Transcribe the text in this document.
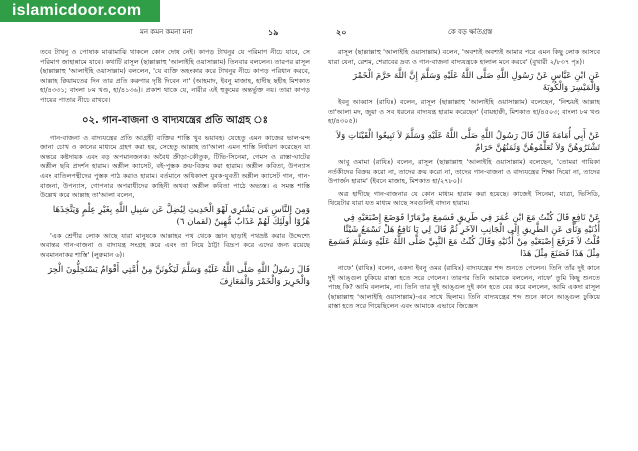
islamicdoor.com
মন কমন কমনা মনা	১৯

তবে টাখনু ও পোষাক মাঝামাঝি থাকলে কোন দোষ নেই। কাপড় টাখনুর যে পরিমাণ নীচে যাবে, সে পরিমাণ জাহান্নামে যাবে। কথাটি রাসূল (ছাল্লাল্লাহু 'আলাইহি ওয়াসাল্লাম) তিনবার বললেন। তারপর রাসূল (ছাল্লাল্লাহু 'আলাইহি ওয়াসাল্লাম) বললেন, 'যে ব্যক্তি অহংকার করে টাখনুর নীচে কাপড় পরিধান করবে, আল্লাহ ক্বিয়ামতের দিন তার প্রতি করুণার দৃষ্টি দিবেন না' (আহমাদ, ইবনু মাজাহ, হাদীছ ছহীহ মিশকাত হা/৪৩৩১; বাংলা ৮ম খণ্ড, হা/৪১৩৬)। প্রকাশ থাকে যে, নারীর এই হুকুমের অন্তর্ভুক্ত নয়। তারা কাপড় পায়ের পাতার নীচে রাখবে।

০২. গান-বাজনা ও বাদ্যযন্ত্রের প্রতি আগ্রহ ঃ

গান-বাজনা ও বাদ্যযন্ত্রের প্রতি আগ্রহী ব্যক্তির শাস্তি খুব ভয়াবহ। যেহেতু এমন কাজের ভাল-মন্দ জানা চোখ ও কানের মাধ্যমে গ্রহণ করা হয়, সেহেতু আল্লাহ তা'আলা এমন শাস্তি নির্ধারণ করেছেন যা অন্তরে কষ্টদায়ক এবং বড় অপমানজনক। অবৈধ ক্রীড়া-কৌতুক, টিভি-সিনেমা, গেমস ও রাস্তা-ঘাটের অশ্লীল ছবি প্রদর্শন হারাম। অশ্লীল ক্যাসেট, বই-পুস্তক ক্রয়-বিক্রয় করা হারাম। অশ্লীল কবিতা, উপন্যাস এবং বাতিলপন্থীদের পুস্তক পাঠ করাও হারাম। বর্তমানে অধিকাংশ যুবক-যুবতী অশ্লীল ক্যাসেট গান, গান-বাজনা, উপন্যাস, গোপনার অপরাধীদের কাহিনী অথবা অশ্লীল কবিতা পাঠে অভ্যস্ত। এ সমস্ত শাস্তি উল্লেখ করে আল্লাহ তা'আলা বলেন,

وَمِنَ النَّاسِ مَن يَشْتَرِي لَهْوَ الْحَدِيثِ لِيُضِلَّ عَن سَبِيلِ اللَّهِ بِغَيْرِ عِلْمٍ وَيَتَّخِذَهَا هُزُوًا أُولَئِكَ لَهُمْ عَذَابٌ مُّهِينٌ (لقمان ٦)

'এক শ্রেণীর লোক আছে যারা মানুষকে আল্লাহর পথ থেকে জ্ঞান ছাড়াই পথভ্রষ্ট করার উদ্দেশ্যে অবান্তর গান-বাজনা ও বাদ্যযন্ত্র সংগ্রহ করে এবং তা নিয়ে ঠাট্টা বিদ্রূপ করে এদের জন্য রয়েছে অবমাননাকর শাস্তি' (লুক্বমান ৬)।

قَالَ رَسُولُ اللَّهِ صَلَّى اللَّهُ عَلَيْهِ وَسَلَّمَ لَيَكُونَنَّ مِنْ أُمَّتِي أَقْوَامٌ يَسْتَحِلُّونَ الْحِرَ وَالْحَرِيرَ وَالْخَمْرَ وَالْمَعَازِفَ
২০	কে বড় ক্ষতিগ্রস্ত

রাসূল (ছাল্লাল্লাহু 'আলাইহি ওয়াসাল্লাম) বলেন, 'অবশ্যই অবশ্যই আমার পরে এমন কিছু লোক আসবে যারা যেনা, রেশম, শেরাবের দ্রব্য ও গান-বাজনা বাদ্যযন্ত্রকে হালাল মনে করবে' (বুখারী ২/৮৩৭ পৃঃ)।

عَنِ ابْنِ عَبَّاسٍ عَنْ رَسُولِ اللَّهِ صَلَّى اللَّهُ عَلَيْهِ وَسَلَّمَ إِنَّ اللَّهَ حَرَّمَ الْخَمْرَ وَالْمَيْسِرَ وَالْكُوبَةَ

ইবনু আব্বাস (রাযিঃ) বলেন, রাসূল (ছাল্লাল্লাহু 'আলাইহি ওয়াসাল্লাম) বলেছেন, 'নিশ্চয়ই আল্লাহ তা'আলা মদ, জুয়া ও সব ধরনের বাদ্যযন্ত্র হারাম করেছেন' (বায়হাক্বী, মিশকাত হা/৪৫০৩; বাংলা ৮ম খণ্ড হা/৪৩০৫)।

عَنْ أَبِي أُمَامَةَ قَالَ قَالَ رَسُولُ اللَّهِ صَلَّى اللَّهُ عَلَيْهِ وَسَلَّمَ لاَ تَبِيعُوا الْقَيْنَاتِ وَلاَ تَشْتَرُوهُنَّ وَلاَ تُعَلِّمُوهُنَّ وَثَمَنُهُنَّ حَرَامٌ

আবু ওমামা (রাযিঃ) বলেন, রাসূল (ছাল্লাল্লাহু 'আলাইহি ওয়াসাল্লাম) বলেছেন, 'তোমরা গায়িকা নর্তকীদের বিক্রয় করো না, তাদের ক্রয় করো না, তাদের গান-বাজনা ও বাদ্যযন্ত্রের শিক্ষা দিয়ো না, তাদের উপার্জন হারাম' (ইবনে মাজাহ, মিশকাত হা/২৭৮০)।

অত্র হাদীছে গান-বাজনার যে কোন মাধ্যম হারাম করা হয়েছে। কাজেই সিনেমা, যাত্রা, ভিসিডি, থিয়েটার যারা যত মাধ্যম আছে সবগুলিই বাদ্যন হারাম।

عَنْ نَافِعٍ قَالَ كُنْتُ مَعَ ابْنِ عُمَرَ فِي طَرِيقٍ فَسَمِعَ مِزْمَارًا فَوَضَعَ إِصْبَعَيْهِ فِي أُذُنَيْهِ وَنَأَى عَنِ الطَّرِيقِ إِلَى الْجَانِبِ الآخَرِ ثُمَّ قَالَ لِي يَا نَافِعُ هَلْ تَسْمَعُ شَيْئًا قُلْتُ لاَ فَرَفَعَ إِصْبَعَيْهِ مِنْ أُذُنَيْهِ وَقَالَ كُنْتُ مَعَ النَّبِيِّ صَلَّى اللَّهُ عَلَيْهِ وَسَلَّمَ فَسَمِعَ مِثْلَ هَذَا فَصَنَعَ مِثْلَ هَذَا

নাফে' (রাযিঃ) বলেন, একদা ইবনু ওমর (রাযিঃ) বাদ্যযন্ত্রের শব্দ শুনতে পেলেন। তিনি তাঁর দুই কানে দুই আঙ্গুল ঢুকিয়ে রাস্তা হতে সরে গেলেন। তারপর তিনি আমাকে বললেন, নাফে' তুমি কিছু শুনতে পাচ্ছ কি? আমি বললাম, না। তিনি তার দুই আঙ্গুল দুই কান হতে বের করে বললেন, আমি একদা রাসূল (ছাল্লাল্লাহু 'আলাইহি ওয়াসাল্লাম)-এর সাথে ছিলাম। তিনি বাদ্যযন্ত্রের শব্দ শুনে কানে আঙ্গুল ঢুকিয়ে রাস্তা হতে সরে গিয়েছিলেন এবং আমাকে এভাবে জিজ্ঞেস
